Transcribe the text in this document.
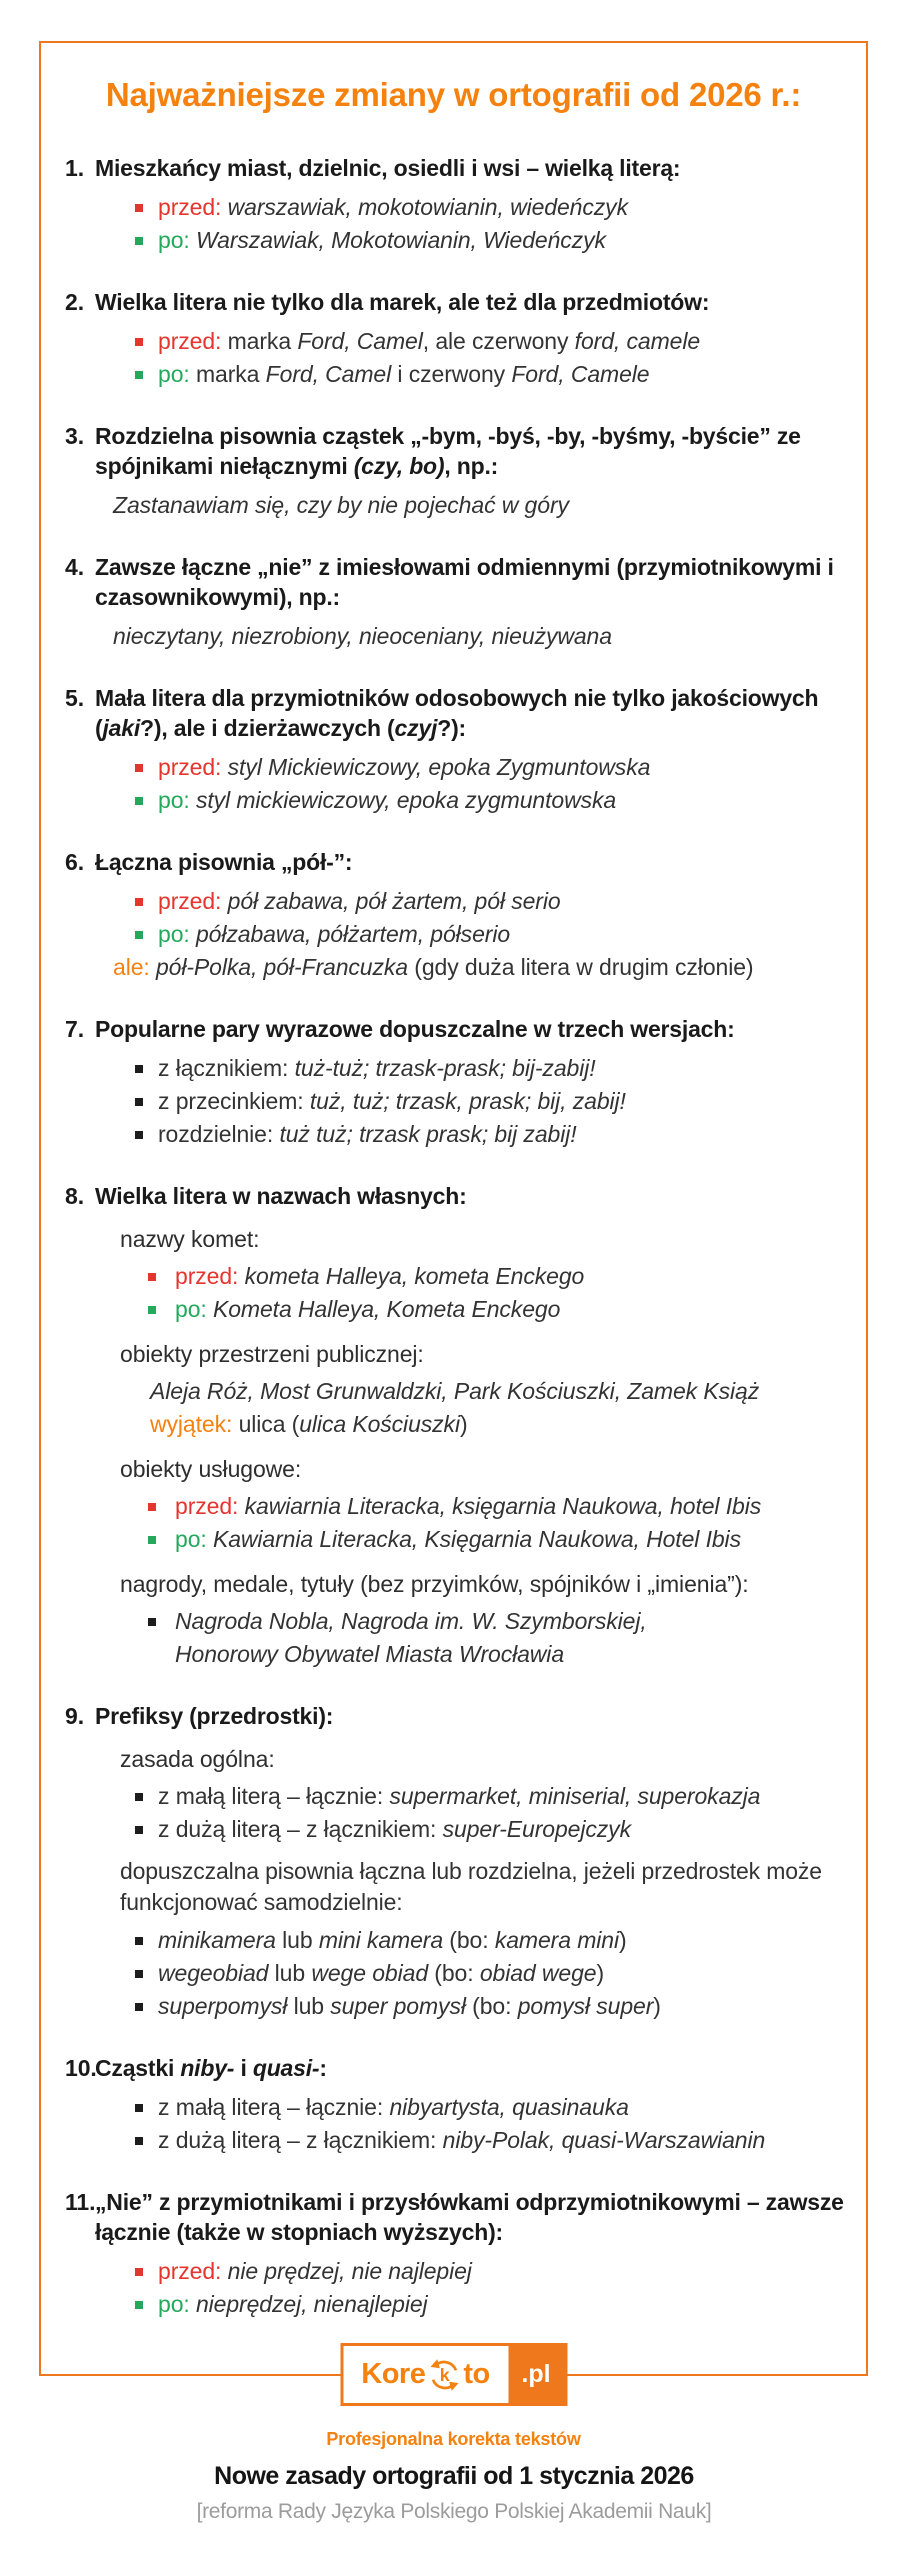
Najważniejsze zmiany w ortografii od 2026 r.:
1. Mieszkańcy miast, dzielnic, osiedli i wsi – wielką literą:
przed: warszawiak, mokotowianin, wiedeńczyk
po: Warszawiak, Mokotowianin, Wiedeńczyk
2. Wielka litera nie tylko dla marek, ale też dla przedmiotów:
przed: marka Ford, Camel, ale czerwony ford, camele
po: marka Ford, Camel i czerwony Ford, Camele
3. Rozdzielna pisownia cząstek „-bym, -byś, -by, -byśmy, -byście” ze spójnikami niełącznymi (czy, bo), np.:
Zastanawiam się, czy by nie pojechać w góry
4. Zawsze łączne „nie” z imiesłowami odmiennymi (przymiotnikowymi i czasownikowymi), np.:
nieczytany, niezrobiony, nieoceniany, nieużywana
5. Mała litera dla przymiotników odosobowych nie tylko jakościowych (jaki?), ale i dzierżawczych (czyj?):
przed: styl Mickiewiczowy, epoka Zygmuntowska
po: styl mickiewiczowy, epoka zygmuntowska
6. Łączna pisownia „pół-”:
przed: pół zabawa, pół żartem, pół serio
po: półzabawa, półżartem, półserio
ale: pół-Polka, pół-Francuzka (gdy duża litera w drugim członie)
7. Popularne pary wyrazowe dopuszczalne w trzech wersjach:
z łącznikiem: tuż-tuż; trzask-prask; bij-zabij!
z przecinkiem: tuż, tuż; trzask, prask; bij, zabij!
rozdzielnie: tuż tuż; trzask prask; bij zabij!
8. Wielka litera w nazwach własnych:
nazwy komet:
przed: kometa Halleya, kometa Enckego
po: Kometa Halleya, Kometa Enckego
obiekty przestrzeni publicznej:
Aleja Róż, Most Grunwaldzki, Park Kościuszki, Zamek Książ
wyjątek: ulica (ulica Kościuszki)
obiekty usługowe:
przed: kawiarnia Literacka, księgarnia Naukowa, hotel Ibis
po: Kawiarnia Literacka, Księgarnia Naukowa, Hotel Ibis
nagrody, medale, tytuły (bez przyimków, spójników i „imienia”):
Nagroda Nobla, Nagroda im. W. Szymborskiej,
Honorowy Obywatel Miasta Wrocławia
9. Prefiksy (przedrostki):
zasada ogólna:
z małą literą – łącznie: supermarket, miniserial, superokazja
z dużą literą – z łącznikiem: super-Europejczyk
dopuszczalna pisownia łączna lub rozdzielna, jeżeli przedrostek może funkcjonować samodzielnie:
minikamera lub mini kamera (bo: kamera mini)
wegeobiad lub wege obiad (bo: obiad wege)
superpomysł lub super pomysł (bo: pomysł super)
10.
Cząstki niby- i quasi-:
z małą literą – łącznie: nibyartysta, quasinauka
z dużą literą – z łącznikiem: niby-Polak, quasi-Warszawianin
11. „Nie” z przymiotnikami i przysłówkami odprzymiotnikowymi – zawsze łącznie (także w stopniach wyższych):
przed: nie prędzej, nie najlepiej
po: nieprędzej, nienajlepiej
Kore k to	.pl
Profesjonalna korekta tekstów
Nowe zasady ortografii od 1 stycznia 2026
[reforma Rady Języka Polskiego Polskiej Akademii Nauk]
